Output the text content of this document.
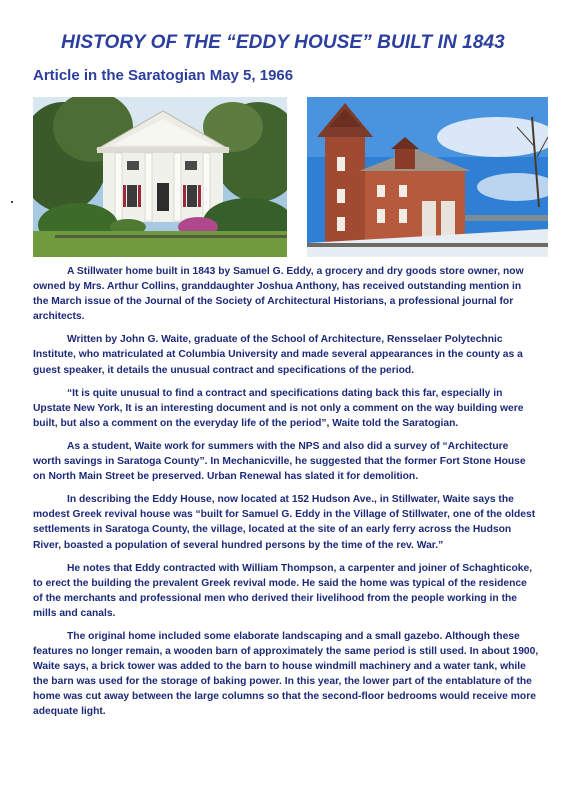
HISTORY OF THE “EDDY HOUSE” BUILT IN 1843
Article in the Saratogian May 5, 1966

A Stillwater home built in 1843 by Samuel G. Eddy, a grocery and dry goods store owner, now owned by Mrs. Arthur Collins, granddaughter Joshua Anthony, has received outstanding mention in the March issue of the Journal of the Society of Architectural Historians, a professional journal for architects.

Written by John G. Waite, graduate of the School of Architecture, Rensselaer Polytechnic Institute, who matriculated at Columbia University and made several appearances in the county as a guest speaker, it details the unusual contract and specifications of the period.

“It is quite unusual to find a contract and specifications dating back this far, especially in Upstate New York, It is an interesting document and is not only a comment on the way building were built, but also a comment on the everyday life of the period”, Waite told the Saratogian.

As a student, Waite work for summers with the NPS and also did a survey of “Architecture worth savings in Saratoga County”. In Mechanicville, he suggested that the former Fort Stone House on North Main Street be preserved. Urban Renewal has slated it for demolition.

In describing the Eddy House, now located at 152 Hudson Ave., in Stillwater, Waite says the modest Greek revival house was “built for Samuel G. Eddy in the Village of Stillwater, one of the oldest settlements in Saratoga County, the village, located at the site of an early ferry across the Hudson River, boasted a population of several hundred persons by the time of the rev. War.”

He notes that Eddy contracted with William Thompson, a carpenter and joiner of Schaghticoke, to erect the building the prevalent Greek revival mode. He said the home was typical of the residence of the merchants and professional men who derived their livelihood from the people working in the mills and canals.

The original home included some elaborate landscaping and a small gazebo. Although these features no longer remain, a wooden barn of approximately the same period is still used. In about 1900, Waite says, a brick tower was added to the barn to house windmill machinery and a water tank, while the barn was used for the storage of baking power. In this year, the lower part of the entablature of the home was cut away between the large columns so that the second-floor bedrooms would receive more adequate light.
